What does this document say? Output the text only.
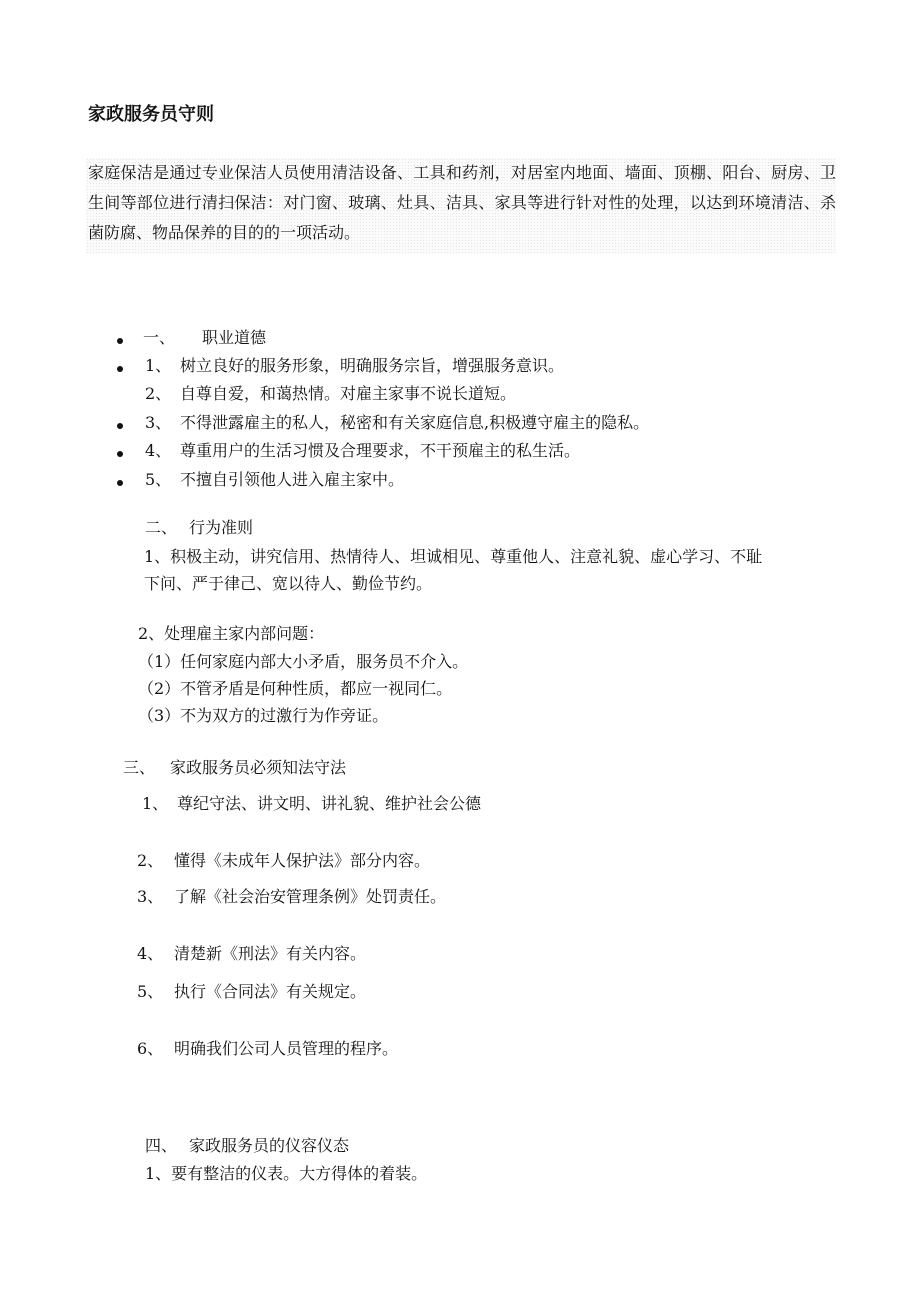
家政服务员守则

家庭保洁是通过专业保洁人员使用清洁设备、工具和药剂，对居室内地面、墙面、顶棚、阳台、厨房、卫生间等部位进行清扫保洁：对门窗、玻璃、灶具、洁具、家具等进行针对性的处理，以达到环境清洁、杀菌防腐、物品保养的目的的一项活动。

一、 职业道德
1、 树立良好的服务形象，明确服务宗旨，增强服务意识。
2、 自尊自爱，和蔼热情。对雇主家事不说长道短。
3、 不得泄露雇主的私人，秘密和有关家庭信息,积极遵守雇主的隐私。
4、 尊重用户的生活习惯及合理要求，不干预雇主的私生活。
5、 不擅自引领他人进入雇主家中。
二、 行为准则
1、积极主动，讲究信用、热情待人、坦诚相见、尊重他人、注意礼貌、虚心学习、不耻
下问、严于律己、宽以待人、勤俭节约。
2、处理雇主家内部问题：
（1）任何家庭内部大小矛盾，服务员不介入。
（2）不管矛盾是何种性质，都应一视同仁。
（3）不为双方的过激行为作旁证。
三、 家政服务员必须知法守法
1、 尊纪守法、讲文明、讲礼貌、维护社会公德
2、 懂得《未成年人保护法》部分内容。
3、 了解《社会治安管理条例》处罚责任。
4、 清楚新《刑法》有关内容。
5、 执行《合同法》有关规定。
6、 明确我们公司人员管理的程序。
四、 家政服务员的仪容仪态
1、要有整洁的仪表。大方得体的着装。
